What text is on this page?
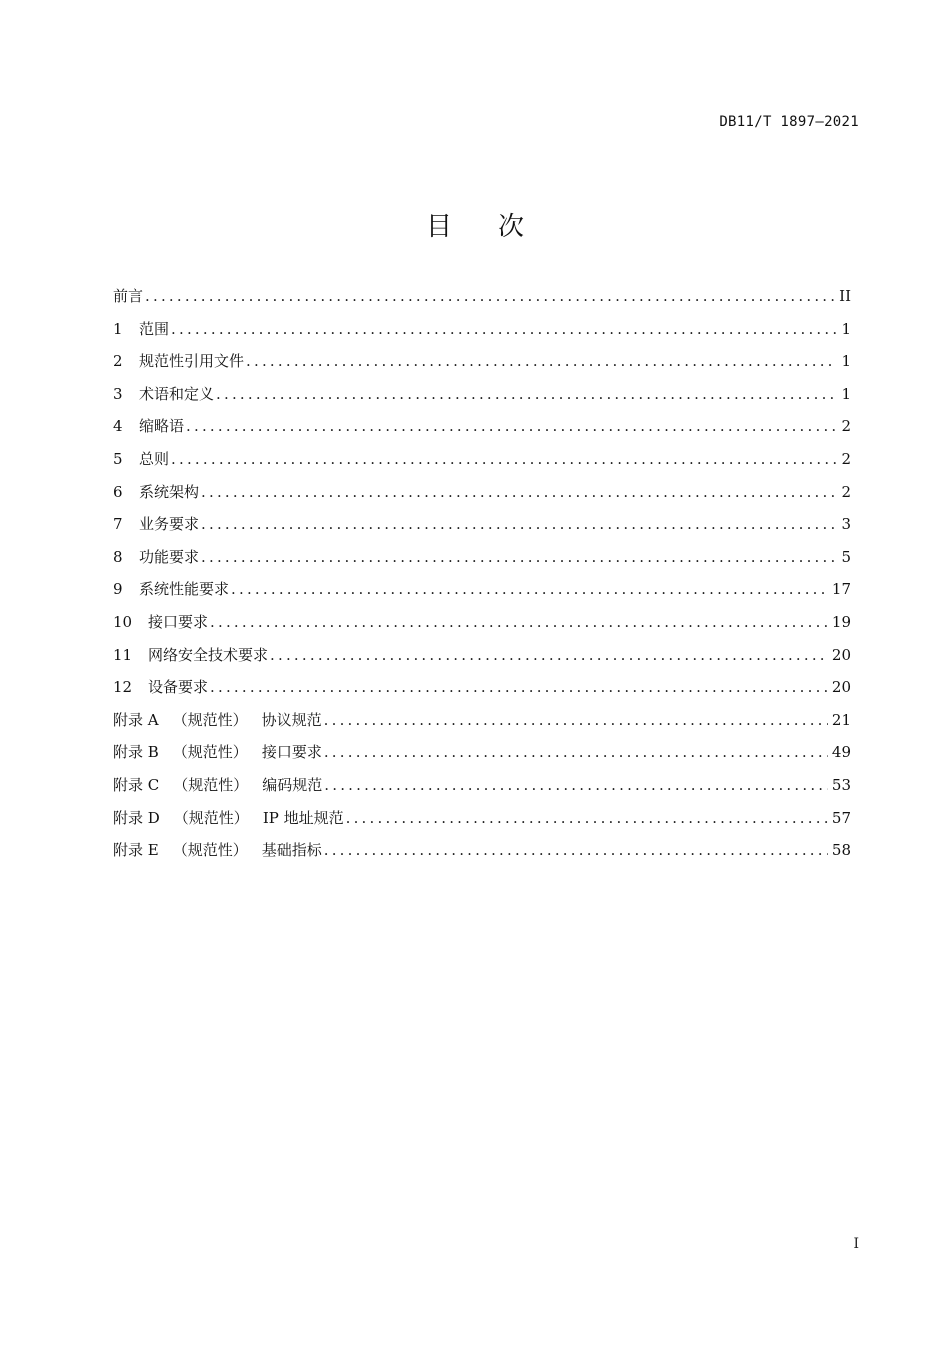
DB11/T 1897—2021
目 次
前言 .....	II
1	范围 .....	1
2	规范性引用文件 .....	1
3	术语和定义 .....	1
4	缩略语 .....	2
5	总则 .....	2
6	系统架构 .....	2
7	业务要求 .....	3
8	功能要求 .....	5
9	系统性能要求 .....	17
10	接口要求 .....	19
11	网络安全技术要求 .....	20
12	设备要求 .....	20
附录 A （规范性） 协议规范 .....	21
附录 B （规范性） 接口要求 .....	49
附录 C （规范性） 编码规范 .....	53
附录 D （规范性） IP 地址规范 .....	57
附录 E （规范性） 基础指标 .....	58
I
